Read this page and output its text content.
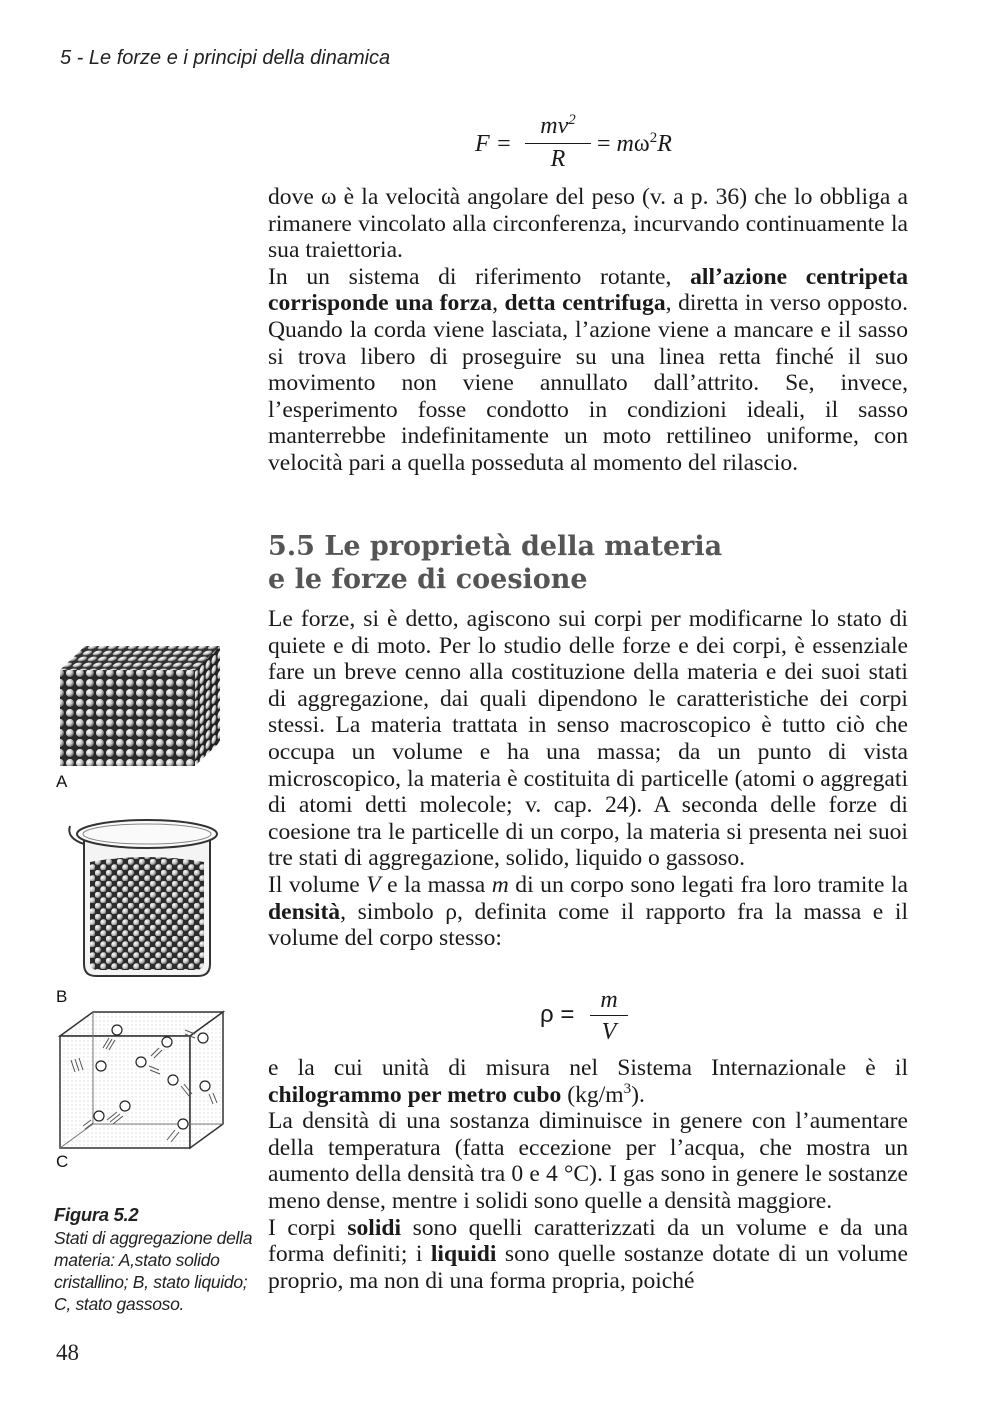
5 - Le forze e i principi della dinamica
F =
$mv^2$
R
= $m\omega^2R$

dove ω è la velocità angolare del peso (v. a p. 36) che lo obbliga a rimanere vincolato alla circonferenza, incurvando continuamente la sua traiettoria.

In un sistema di riferimento rotante, all’azione centripeta corrisponde una forza, detta centrifuga, diretta in verso opposto. Quando la corda viene lasciata, l’azione viene a mancare e il sasso si trova libero di proseguire su una linea retta finché il suo movimento non viene annullato dall’attrito. Se, invece, l’esperimento fosse condotto in condizioni ideali, il sasso manterrebbe indefinitamente un moto rettilineo uniforme, con velocità pari a quella posseduta al momento del rilascio.

5.5 Le proprietà della materia
e le forze di coesione

Le forze, si è detto, agiscono sui corpi per modificarne lo stato di quiete e di moto. Per lo studio delle forze e dei corpi, è essenziale fare un breve cenno alla costituzione della materia e dei suoi stati di aggregazione, dai quali dipendono le caratteristiche dei corpi stessi. La materia trattata in senso macroscopico è tutto ciò che occupa un volume e ha una massa; da un punto di vista microscopico, la materia è costituita di particelle (atomi o aggregati di atomi detti molecole; v. cap. 24). A seconda delle forze di coesione tra le particelle di un corpo, la materia si presenta nei suoi tre stati di aggregazione, solido, liquido o gassoso.

Il volume V e la massa m di un corpo sono legati fra loro tramite la densità, simbolo ρ, definita come il rapporto fra la massa e il volume del corpo stesso:

ρ =
m
V

e la cui unità di misura nel Sistema Internazionale è il chilogrammo per metro cubo $(kg/m^3)$.

La densità di una sostanza diminuisce in genere con l’aumentare della temperatura (fatta eccezione per l’acqua, che mostra un aumento della densità tra 0 e 4 °C). I gas sono in genere le sostanze meno dense, mentre i solidi sono quelle a densità maggiore.

I corpi solidi sono quelli caratterizzati da un volume e da una forma definiti; i liquidi sono quelle sostanze dotate di un volume proprio, ma non di una forma propria, poiché

A
B
C
Figura 5.2
Stati di aggregazione della materia: A,stato solido cristallino; B, stato liquido; C, stato gassoso.
48
